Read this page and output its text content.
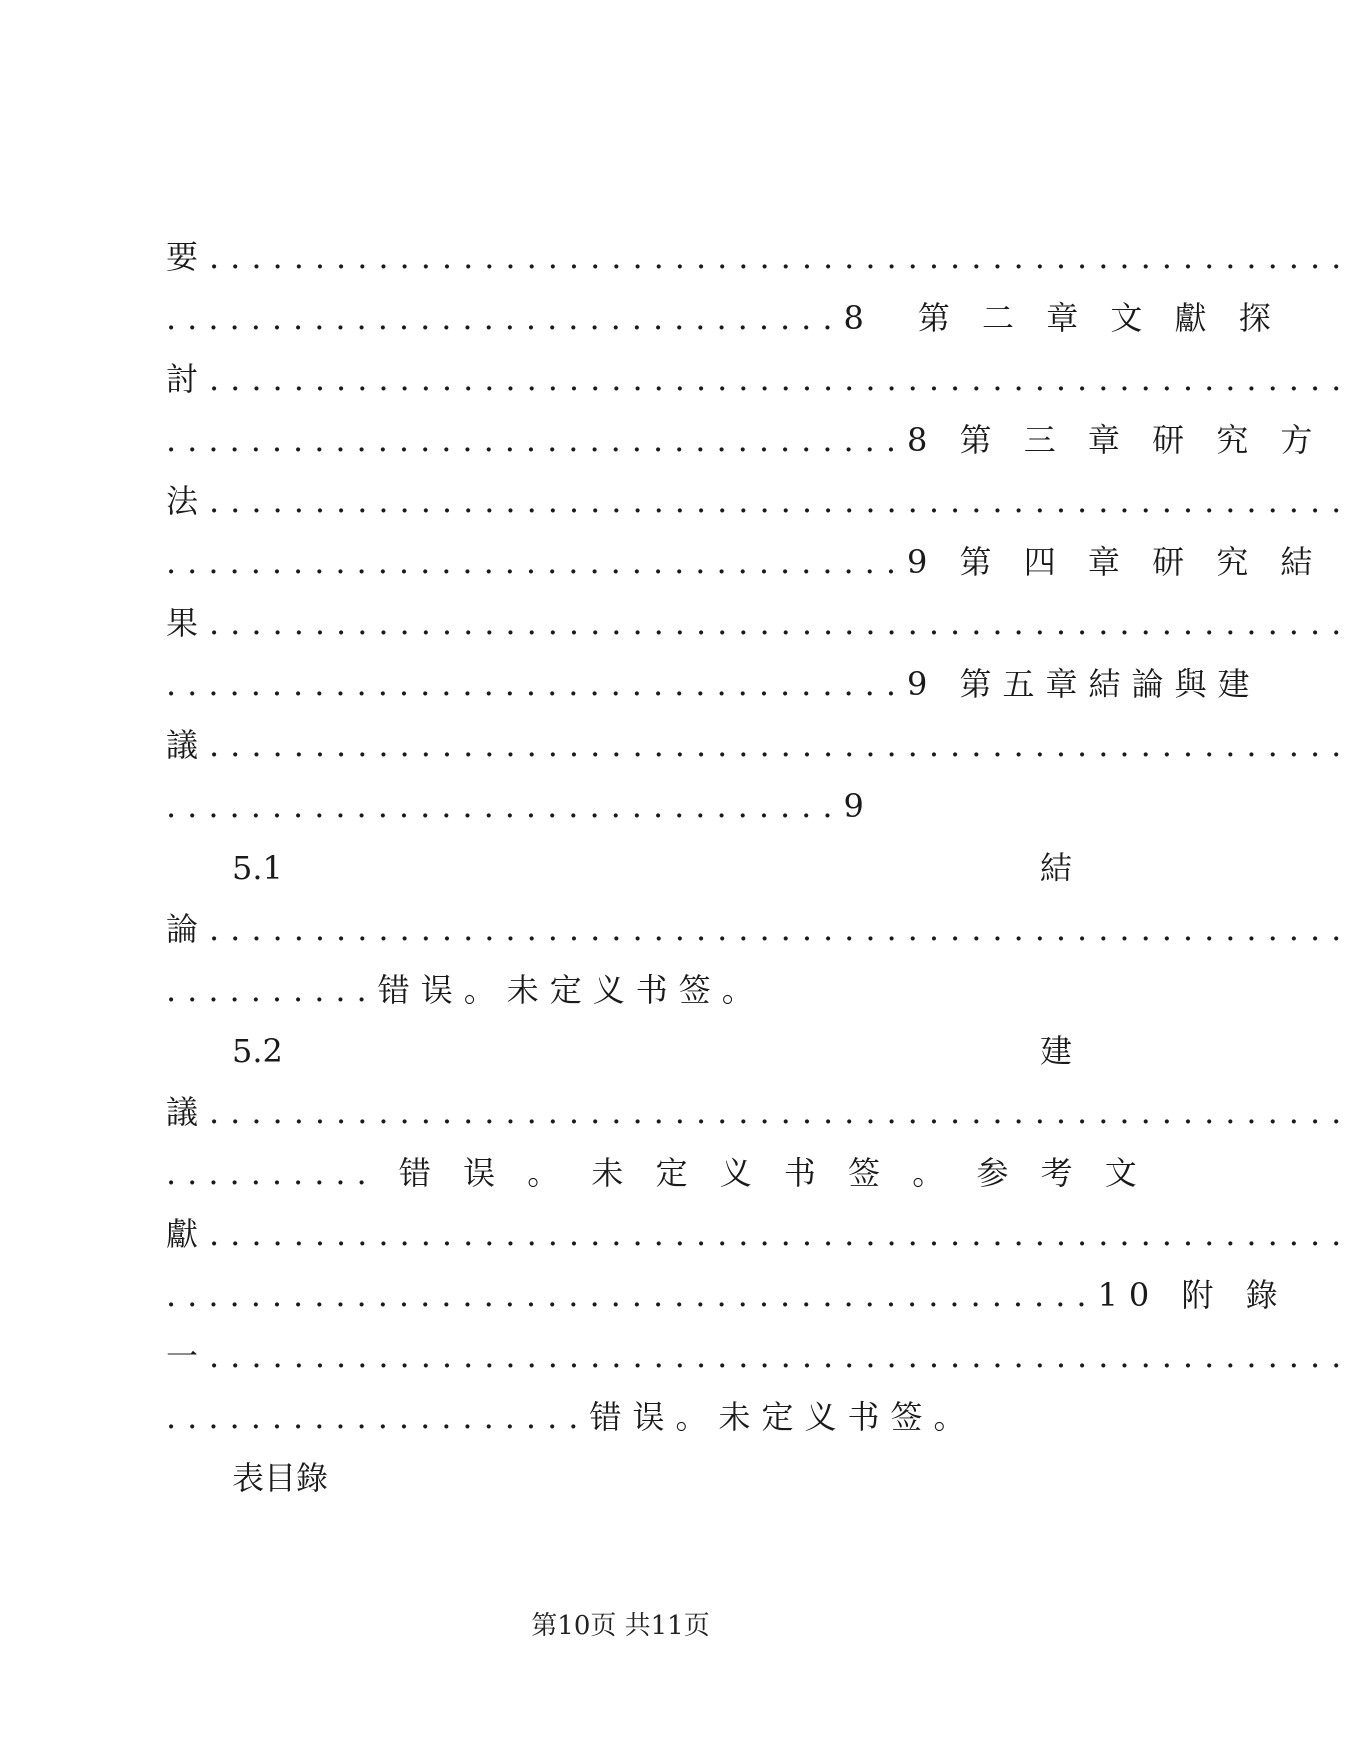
要......................................................
................................8　第 二 章 文 獻 探
討......................................................
...................................8 第 三 章 研 究 方
法......................................................
...................................9 第 四 章 研 究 結
果......................................................
...................................9 第五章結論與建
議......................................................
................................9
5.1	結
論......................................................
..........错误。未定义书签。
5.2	建
議......................................................
.......... 错 误 。 未 定 义 书 签 。 参 考 文
獻......................................................
............................................10 附 錄
一......................................................
....................错误。未定义书签。
表目錄
第10页 共11页
